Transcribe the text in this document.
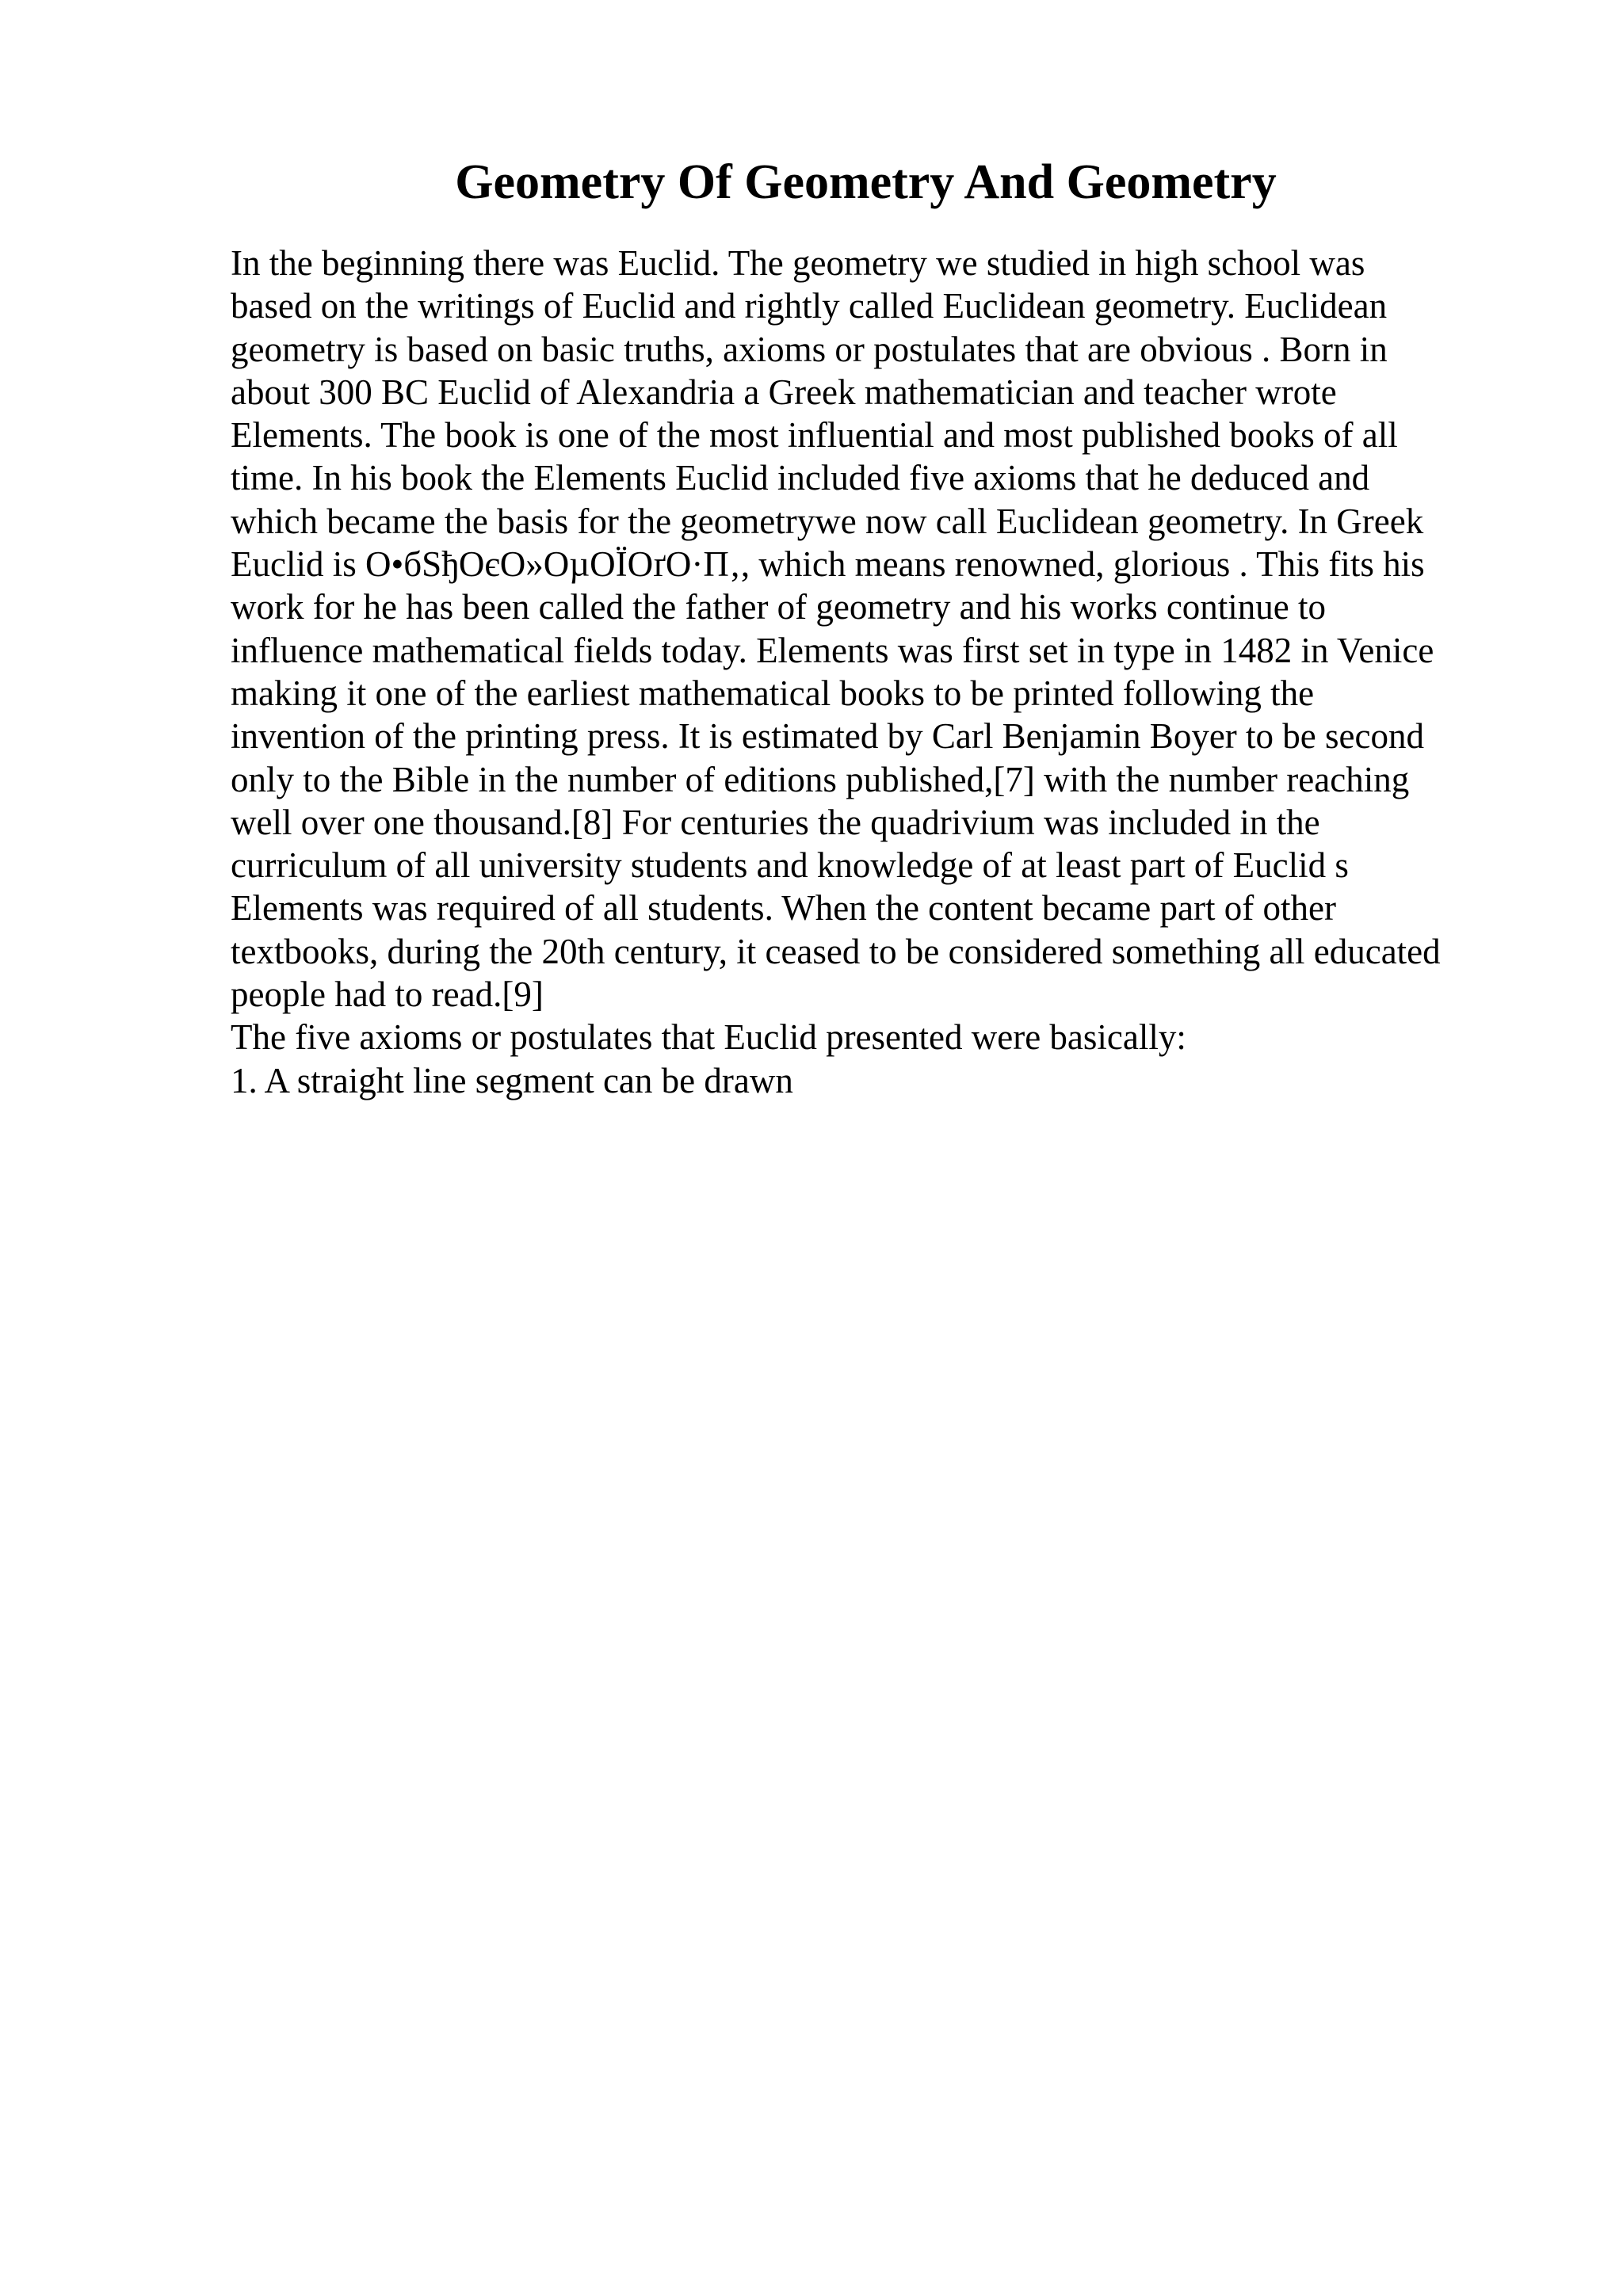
Geometry Of Geometry And Geometry
In the beginning there was Euclid. The geometry we studied in high school was
based on the writings of Euclid and rightly called Euclidean geometry. Euclidean
geometry is based on basic truths, axioms or postulates that are obvious . Born in
about 300 BC Euclid of Alexandria a Greek mathematician and teacher wrote
Elements. The book is one of the most influential and most published books of all
time. In his book the Elements Euclid included five axioms that he deduced and
which became the basis for the geometrywe now call Euclidean geometry. In Greek
Euclid is О•бЅђОєО»ОµОЇОґО·П‚, which means renowned, glorious . This fits his
work for he has been called the father of geometry and his works continue to
influence mathematical fields today. Elements was first set in type in 1482 in Venice
making it one of the earliest mathematical books to be printed following the
invention of the printing press. It is estimated by Carl Benjamin Boyer to be second
only to the Bible in the number of editions published,[7] with the number reaching
well over one thousand.[8] For centuries the quadrivium was included in the
curriculum of all university students and knowledge of at least part of Euclid s
Elements was required of all students. When the content became part of other
textbooks, during the 20th century, it ceased to be considered something all educated
people had to read.[9]
The five axioms or postulates that Euclid presented were basically:
1. A straight line segment can be drawn
